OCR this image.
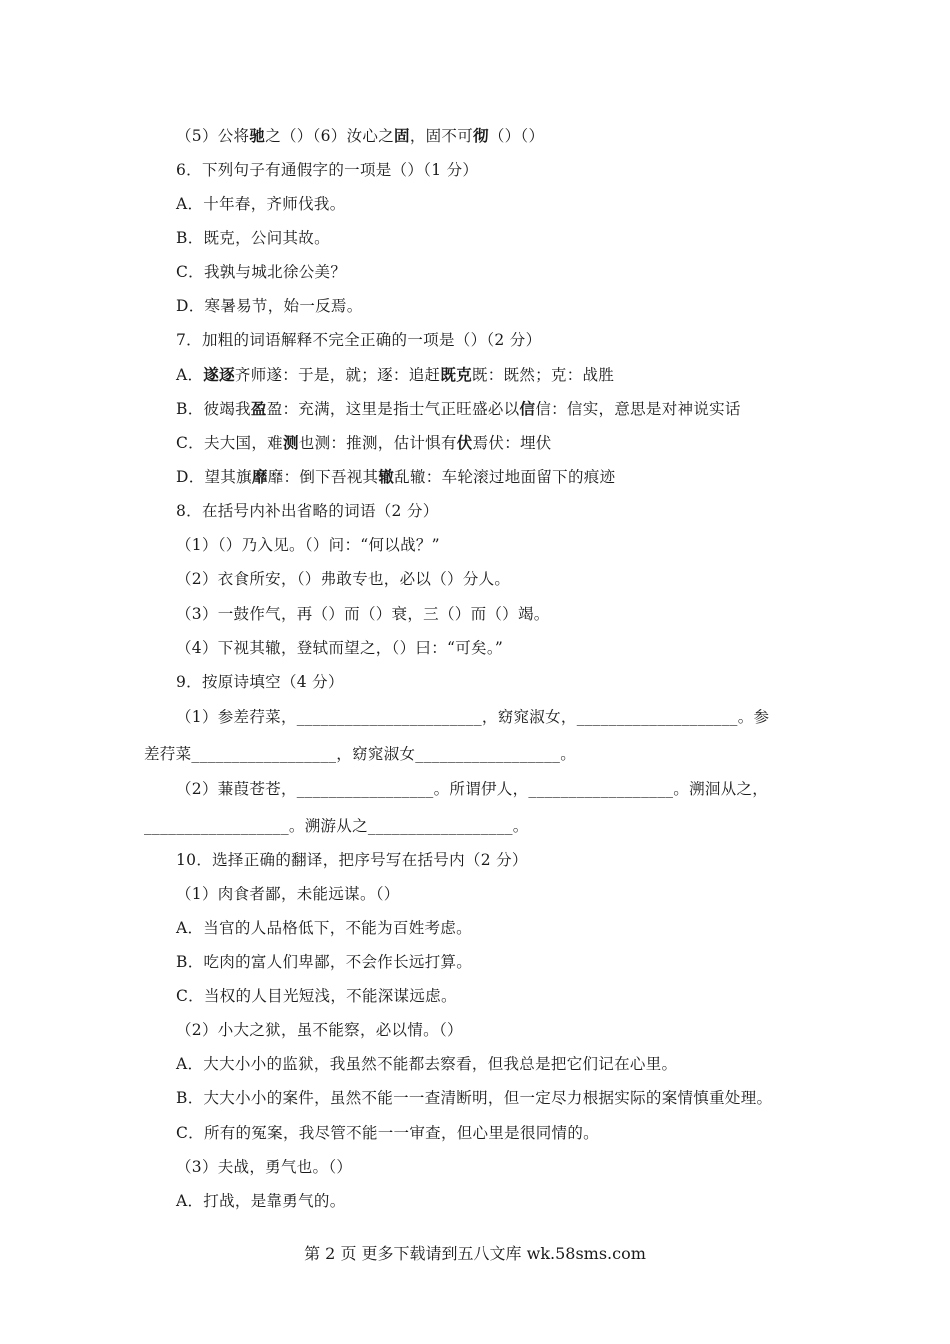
（5）公将驰之（）（6）汝心之固，固不可彻（）（）
6．下列句子有通假字的一项是（）（1 分）
A．十年春，齐师伐我。
B．既克，公问其故。
C．我孰与城北徐公美？
D．寒暑易节，始一反焉。
7．加粗的词语解释不完全正确的一项是（）（2 分）
A．遂逐齐师遂：于是，就；逐：追赶既克既：既然；克：战胜
B．彼竭我盈盈：充满，这里是指士气正旺盛必以信信：信实，意思是对神说实话
C．夫大国，难测也测：推测，估计惧有伏焉伏：埋伏
D．望其旗靡靡：倒下吾视其辙乱辙：车轮滚过地面留下的痕迹
8．在括号内补出省略的词语（2 分）
（1）（）乃入见。（）问：“何以战？”
（2）衣食所安，（）弗敢专也，必以（）分人。
（3）一鼓作气，再（）而（）衰，三（）而（）竭。
（4）下视其辙，登轼而望之，（）曰：“可矣。”
9．按原诗填空（4 分）
（1）参差荇菜，_______________________，窈窕淑女，____________________。参
差荇菜__________________，窈窕淑女__________________。
（2）蒹葭苍苍，_________________。所谓伊人，__________________。溯洄从之，
__________________。溯游从之__________________。
10．选择正确的翻译，把序号写在括号内（2 分）
（1）肉食者鄙，未能远谋。（）
A．当官的人品格低下，不能为百姓考虑。
B．吃肉的富人们卑鄙，不会作长远打算。
C．当权的人目光短浅，不能深谋远虑。
（2）小大之狱，虽不能察，必以情。（）
A．大大小小的监狱，我虽然不能都去察看，但我总是把它们记在心里。
B．大大小小的案件，虽然不能一一查清断明，但一定尽力根据实际的案情慎重处理。
C．所有的冤案，我尽管不能一一审查，但心里是很同情的。
（3）夫战，勇气也。（）
A．打战，是靠勇气的。
第 2 页 更多下载请到五八文库 wk.58sms.com
